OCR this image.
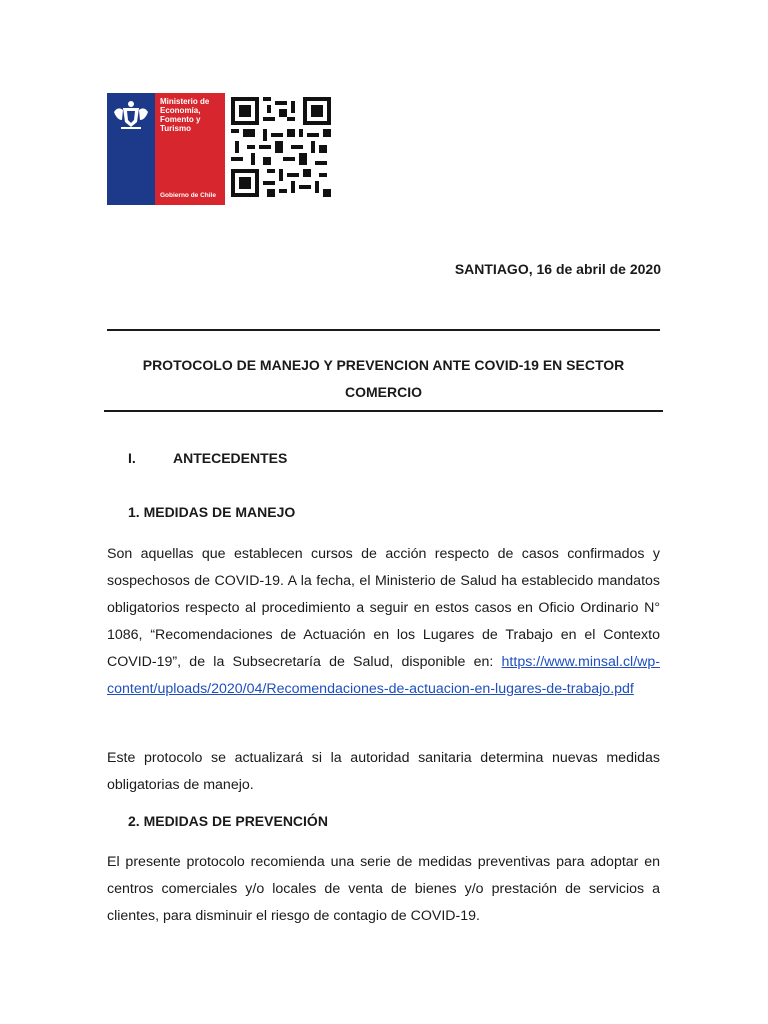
Ministerio de
Economía,
Fomento y
Turismo
Gobierno de Chile
SANTIAGO, 16 de abril de 2020
PROTOCOLO DE MANEJO Y PREVENCION ANTE COVID-19 EN SECTOR
COMERCIO
I.	ANTECEDENTES
1. MEDIDAS DE MANEJO
Son aquellas que establecen cursos de acción respecto de casos confirmados y sospechosos de COVID-19. A la fecha, el Ministerio de Salud ha establecido mandatos obligatorios respecto al procedimiento a seguir en estos casos en Oficio Ordinario N° 1086, “Recomendaciones de Actuación en los Lugares de Trabajo en el Contexto COVID-19”, de la Subsecretaría de Salud, disponible en: https://www.minsal.cl/wp-content/uploads/2020/04/Recomendaciones-de-actuacion-en-lugares-de-trabajo.pdf
Este protocolo se actualizará si la autoridad sanitaria determina nuevas medidas obligatorias de manejo.
2. MEDIDAS DE PREVENCIÓN
El presente protocolo recomienda una serie de medidas preventivas para adoptar en centros comerciales y/o locales de venta de bienes y/o prestación de servicios a clientes, para disminuir el riesgo de contagio de COVID-19.
